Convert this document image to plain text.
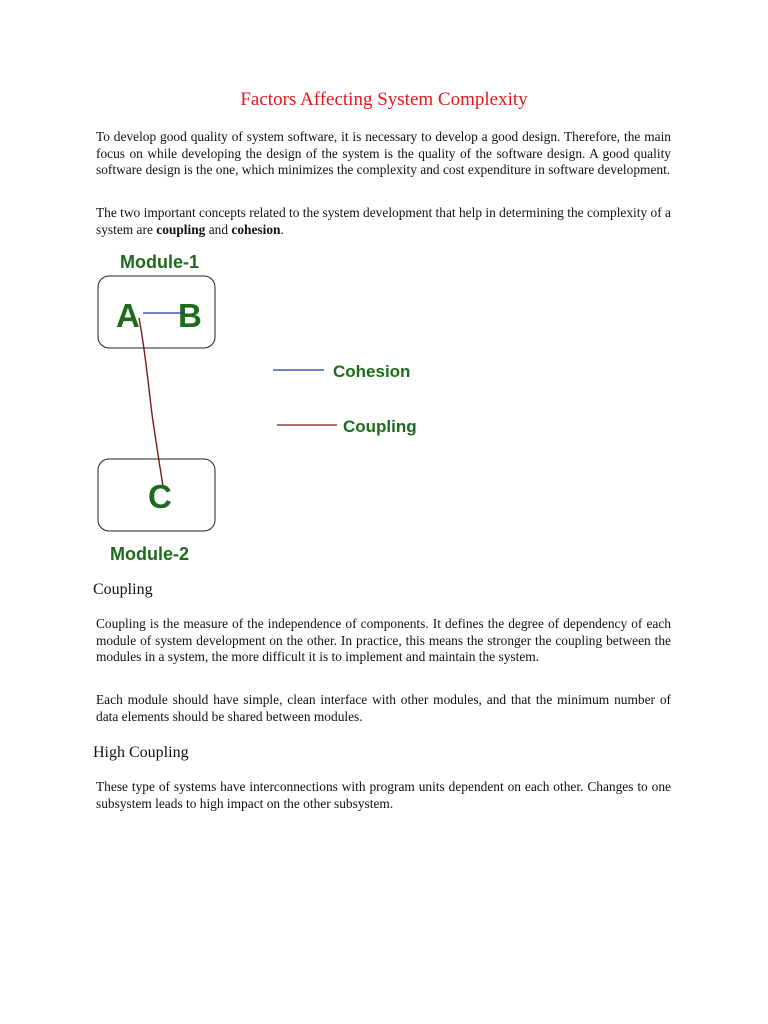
Factors Affecting System Complexity

To develop good quality of system software, it is necessary to develop a good design. Therefore, the main focus on while developing the design of the system is the quality of the software design. A good quality software design is the one, which minimizes the complexity and cost expenditure in software development.

The two important concepts related to the system development that help in determining the complexity of a system are coupling and cohesion.

Module-1
A B
C
Module-2
Cohesion
Coupling
Coupling

Coupling is the measure of the independence of components. It defines the degree of dependency of each module of system development on the other. In practice, this means the stronger the coupling between the modules in a system, the more difficult it is to implement and maintain the system.

Each module should have simple, clean interface with other modules, and that the minimum number of data elements should be shared between modules.

High Coupling

These type of systems have interconnections with program units dependent on each other. Changes to one subsystem leads to high impact on the other subsystem.
